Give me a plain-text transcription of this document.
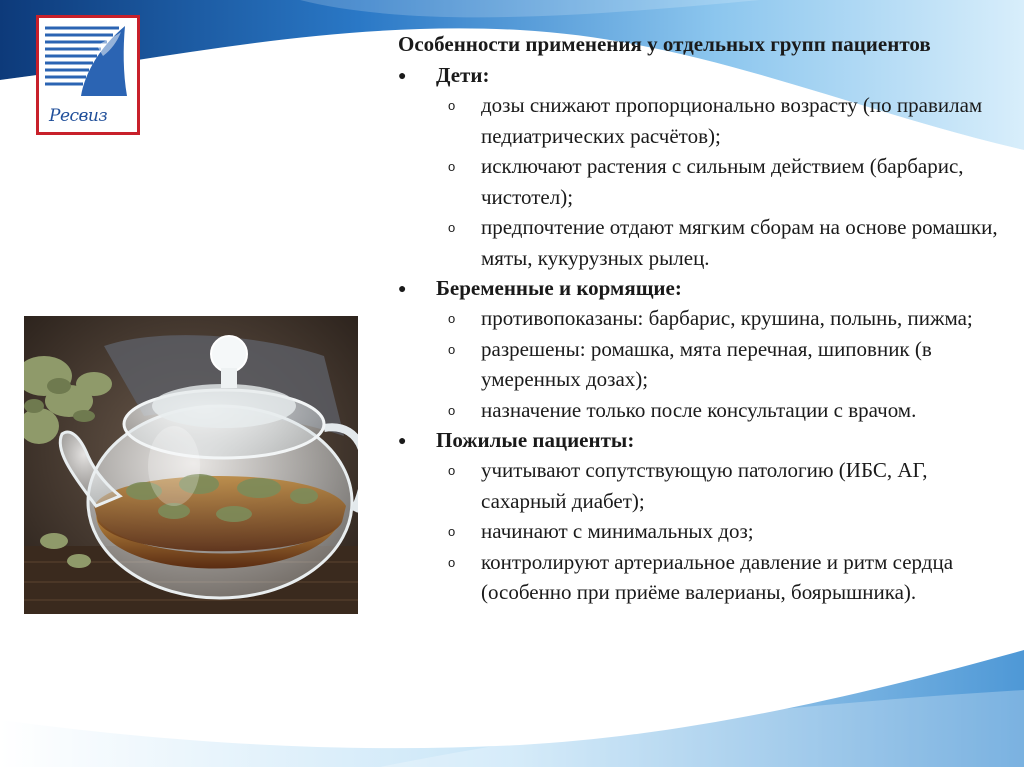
Ресвиз
Особенности применения у отдельных групп пациентов
● Дети:
o дозы снижают пропорционально возрасту (по правилам педиатрических расчётов);
o исключают растения с сильным действием (барбарис, чистотел);
o предпочтение отдают мягким сборам на основе ромашки, мяты, кукурузных рылец.
● Беременные и кормящие:
o противопоказаны: барбарис, крушина, полынь, пижма;
o разрешены: ромашка, мята перечная, шиповник (в умеренных дозах);
o назначение только после консультации с врачом.
● Пожилые пациенты:
o учитывают сопутствующую патологию (ИБС, АГ, сахарный диабет);
o начинают с минимальных доз;
o контролируют артериальное давление и ритм сердца (особенно при приёме валерианы, боярышника).
